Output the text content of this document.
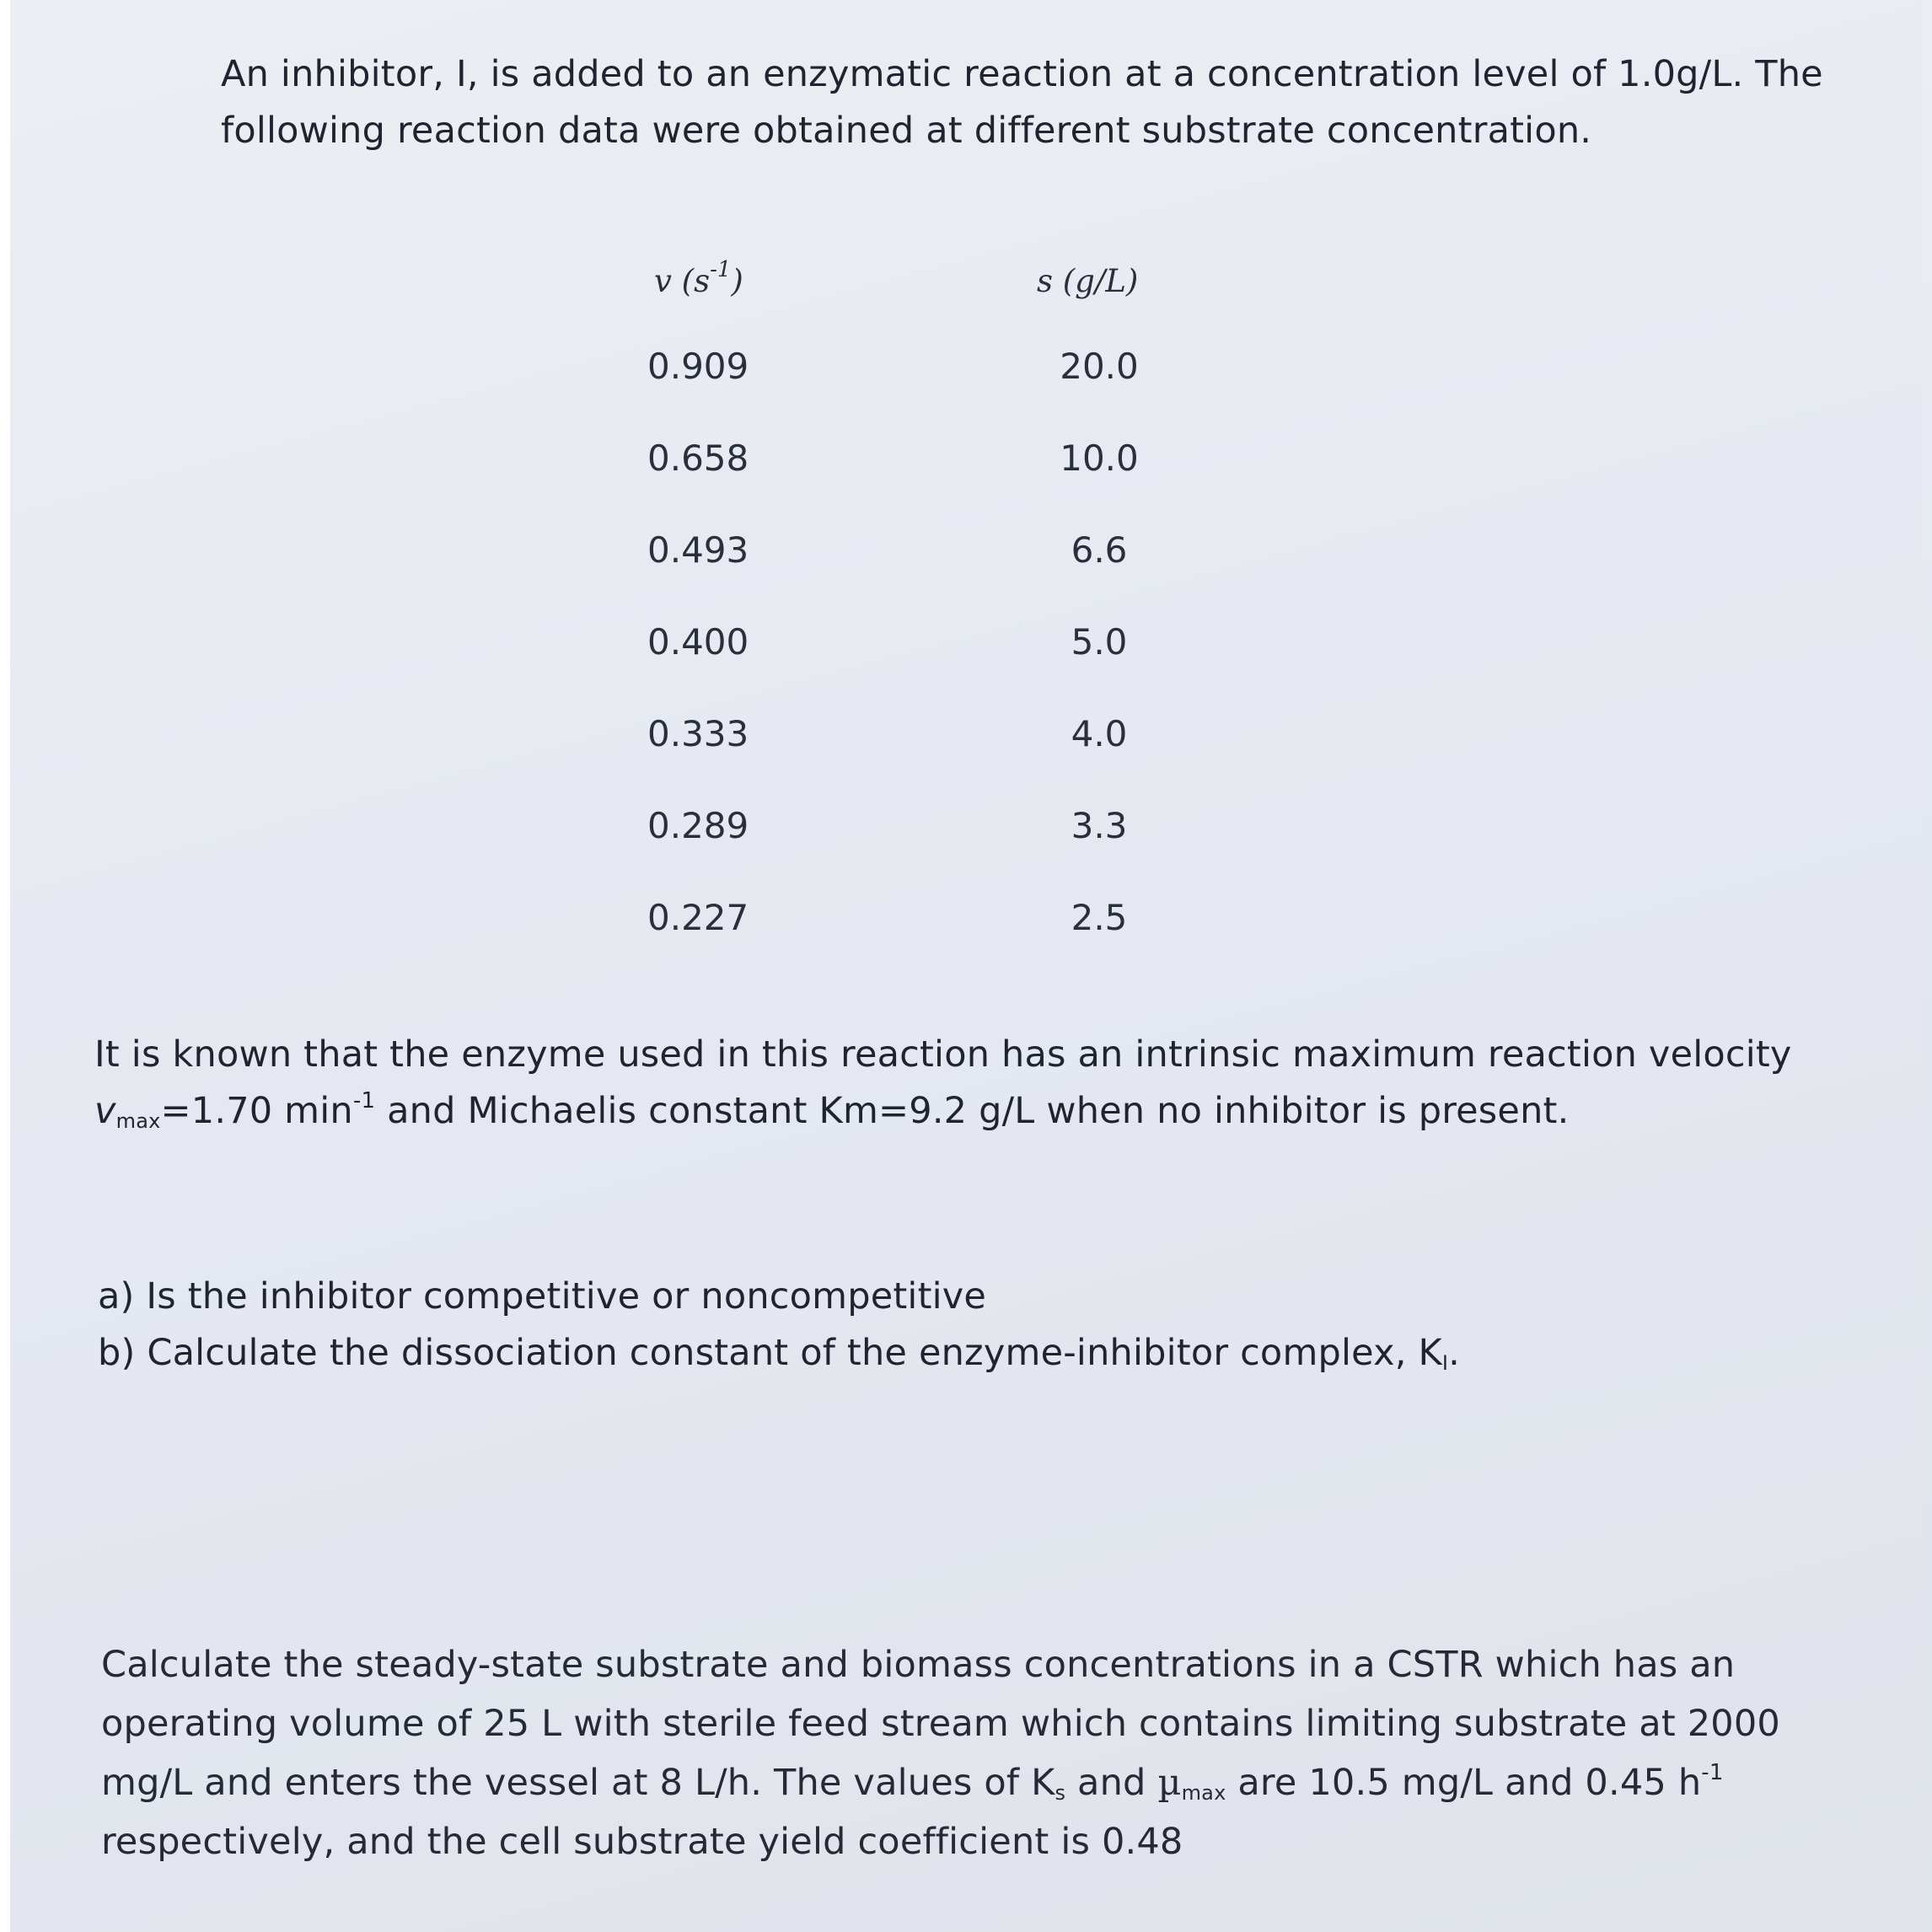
An inhibitor, I, is added to an enzymatic reaction at a concentration level of 1.0g/L. The
following reaction data were obtained at different substrate concentration.
v $(s^{-1})$	s (g/L)
0.909	20.0
0.658	10.0
0.493	6.6
0.400	5.0
0.333	4.0
0.289	3.3
0.227	2.5
It is known that the enzyme used in this reaction has an intrinsic maximum reaction velocity
$v_{max}=1.70$ $\min^{-1}$ and Michaelis constant Km=9.2 g/L when no inhibitor is present.
a) Is the inhibitor competitive or noncompetitive
b) Calculate the dissociation constant of the enzyme-inhibitor complex, $K_I$.
Calculate the steady-state substrate and biomass concentrations in a CSTR which has an
operating volume of 25 L with sterile feed stream which contains limiting substrate at 2000
mg/L and enters the vessel at 8 L/h. The values of $K_s$ and µ$_{max}$ are 10.5 mg/L and 0.45 $h^{-1}$
respectively, and the cell substrate yield coefficient is 0.48
